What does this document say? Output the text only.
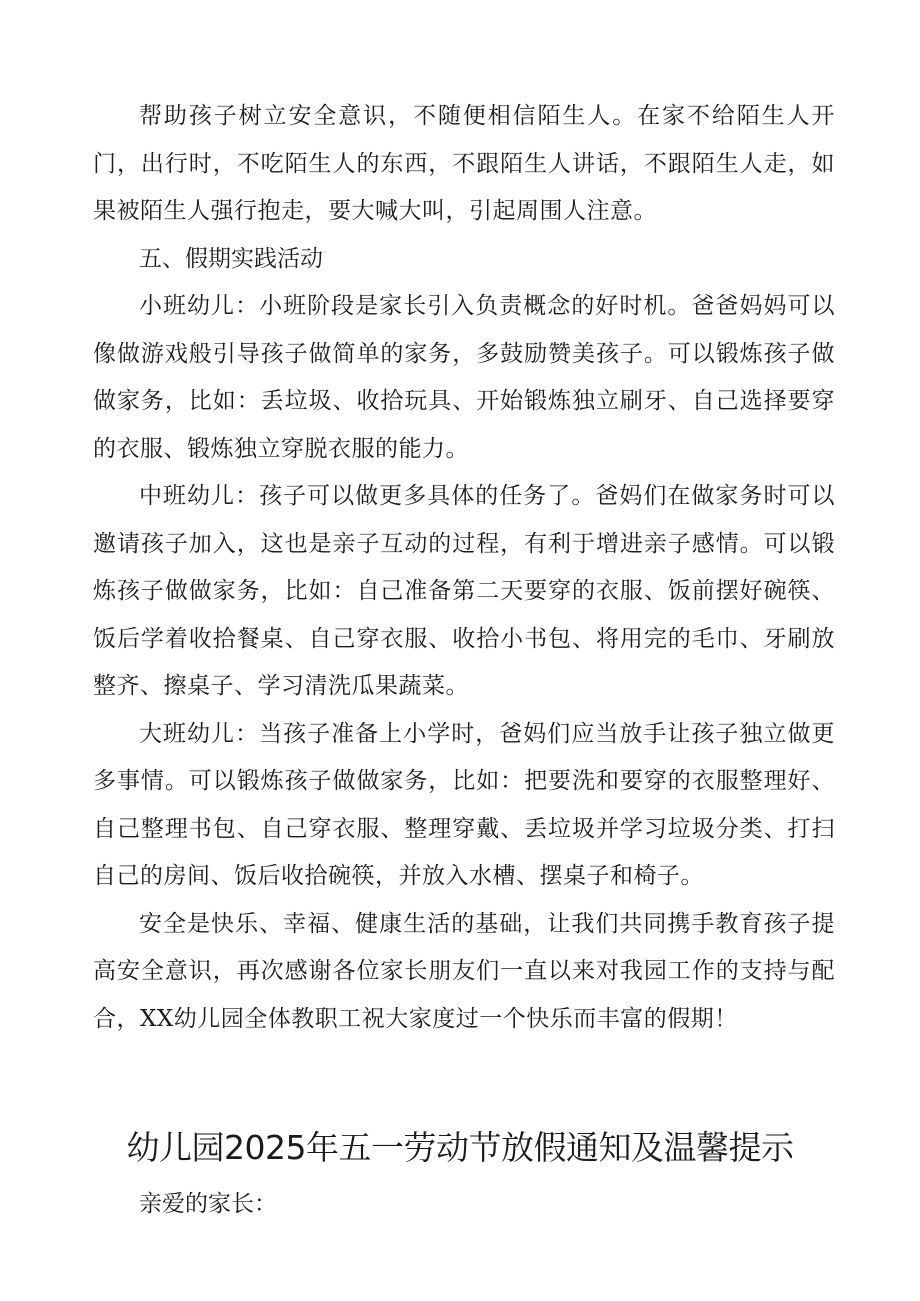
帮助孩子树立安全意识，不随便相信陌生人。在家不给陌生人开门，出行时，不吃陌生人的东西，不跟陌生人讲话，不跟陌生人走，如果被陌生人强行抱走，要大喊大叫，引起周围人注意。

五、假期实践活动

小班幼儿：小班阶段是家长引入负责概念的好时机。爸爸妈妈可以像做游戏般引导孩子做简单的家务，多鼓励赞美孩子。可以锻炼孩子做做家务，比如：丢垃圾、收拾玩具、开始锻炼独立刷牙、自己选择要穿的衣服、锻炼独立穿脱衣服的能力。

中班幼儿：孩子可以做更多具体的任务了。爸妈们在做家务时可以邀请孩子加入，这也是亲子互动的过程，有利于增进亲子感情。可以锻炼孩子做做家务，比如：自己准备第二天要穿的衣服、饭前摆好碗筷、饭后学着收拾餐桌、自己穿衣服、收拾小书包、将用完的毛巾、牙刷放整齐、擦桌子、学习清洗瓜果蔬菜。

大班幼儿：当孩子准备上小学时，爸妈们应当放手让孩子独立做更多事情。可以锻炼孩子做做家务，比如：把要洗和要穿的衣服整理好、自己整理书包、自己穿衣服、整理穿戴、丢垃圾并学习垃圾分类、打扫自己的房间、饭后收拾碗筷，并放入水槽、摆桌子和椅子。

安全是快乐、幸福、健康生活的基础，让我们共同携手教育孩子提高安全意识，再次感谢各位家长朋友们一直以来对我园工作的支持与配合，XX幼儿园全体教职工祝大家度过一个快乐而丰富的假期！

幼儿园2025年五一劳动节放假通知及温馨提示

亲爱的家长：
